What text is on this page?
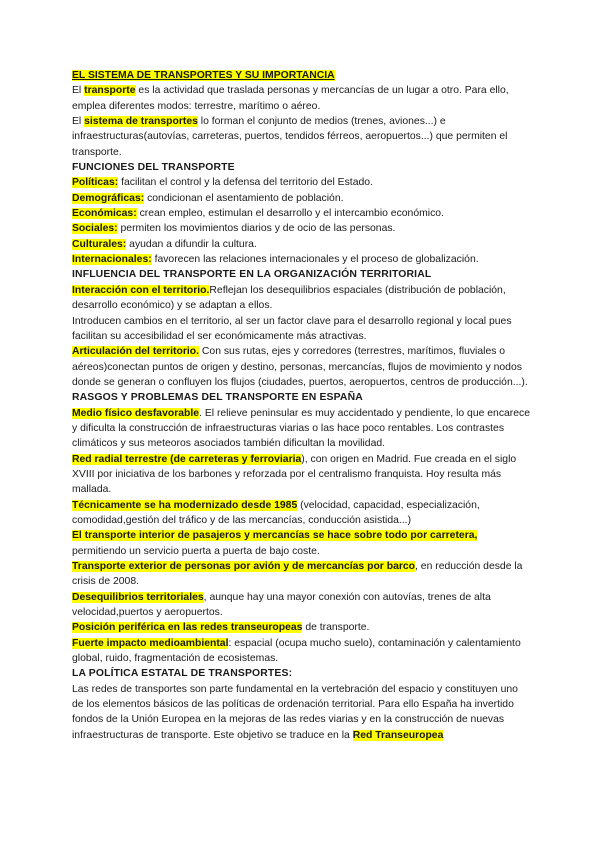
EL SISTEMA DE TRANSPORTES Y SU IMPORTANCIA

El transporte es la actividad que traslada personas y mercancías de un lugar a otro. Para ello, emplea diferentes modos: terrestre, marítimo o aéreo.

El sistema de transportes lo forman el conjunto de medios (trenes, aviones...) e infraestructuras(autovías, carreteras, puertos, tendidos férreos, aeropuertos...) que permiten el transporte.

FUNCIONES DEL TRANSPORTE

Políticas: facilitan el control y la defensa del territorio del Estado.

Demográficas: condicionan el asentamiento de población.

Económicas: crean empleo, estimulan el desarrollo y el intercambio económico.

Sociales: permiten los movimientos diarios y de ocio de las personas.

Culturales: ayudan a difundir la cultura.

Internacionales: favorecen las relaciones internacionales y el proceso de globalización.

INFLUENCIA DEL TRANSPORTE EN LA ORGANIZACIÓN TERRITORIAL

Interacción con el territorio.Reflejan los desequilibrios espaciales (distribución de población, desarrollo económico) y se adaptan a ellos.

Introducen cambios en el territorio, al ser un factor clave para el desarrollo regional y local pues facilitan su accesibilidad el ser económicamente más atractivas.

Articulación del territorio. Con sus rutas, ejes y corredores (terrestres, marítimos, fluviales o aéreos)conectan puntos de origen y destino, personas, mercancías, flujos de movimiento y nodos donde se generan o confluyen los flujos (ciudades, puertos, aeropuertos, centros de producción...).

RASGOS Y PROBLEMAS DEL TRANSPORTE EN ESPAÑA

Medio físico desfavorable. El relieve peninsular es muy accidentado y pendiente, lo que encarece y dificulta la construcción de infraestructuras viarias o las hace poco rentables. Los contrastes climáticos y sus meteoros asociados también dificultan la movilidad.

Red radial terrestre (de carreteras y ferroviaria), con origen en Madrid. Fue creada en el siglo XVIII por iniciativa de los barbones y reforzada por el centralismo franquista. Hoy resulta más mallada.

Técnicamente se ha modernizado desde 1985 (velocidad, capacidad, especialización, comodidad,gestión del tráfico y de las mercancías, conducción asistida...)

El transporte interior de pasajeros y mercancías se hace sobre todo por carretera, permitiendo un servicio puerta a puerta de bajo coste.

Transporte exterior de personas por avión y de mercancías por barco, en reducción desde la crisis de 2008.

Desequilibrios territoriales, aunque hay una mayor conexión con autovías, trenes de alta velocidad,puertos y aeropuertos.

Posición periférica en las redes transeuropeas de transporte.

Fuerte impacto medioambiental: espacial (ocupa mucho suelo), contaminación y calentamiento global, ruido, fragmentación de ecosistemas.

LA POLÍTICA ESTATAL DE TRANSPORTES:

Las redes de transportes son parte fundamental en la vertebración del espacio y constituyen uno de los elementos básicos de las políticas de ordenación territorial. Para ello España ha invertido fondos de la Unión Europea en la mejoras de las redes viarias y en la construcción de nuevas infraestructuras de transporte. Este objetivo se traduce en la Red Transeuropea
